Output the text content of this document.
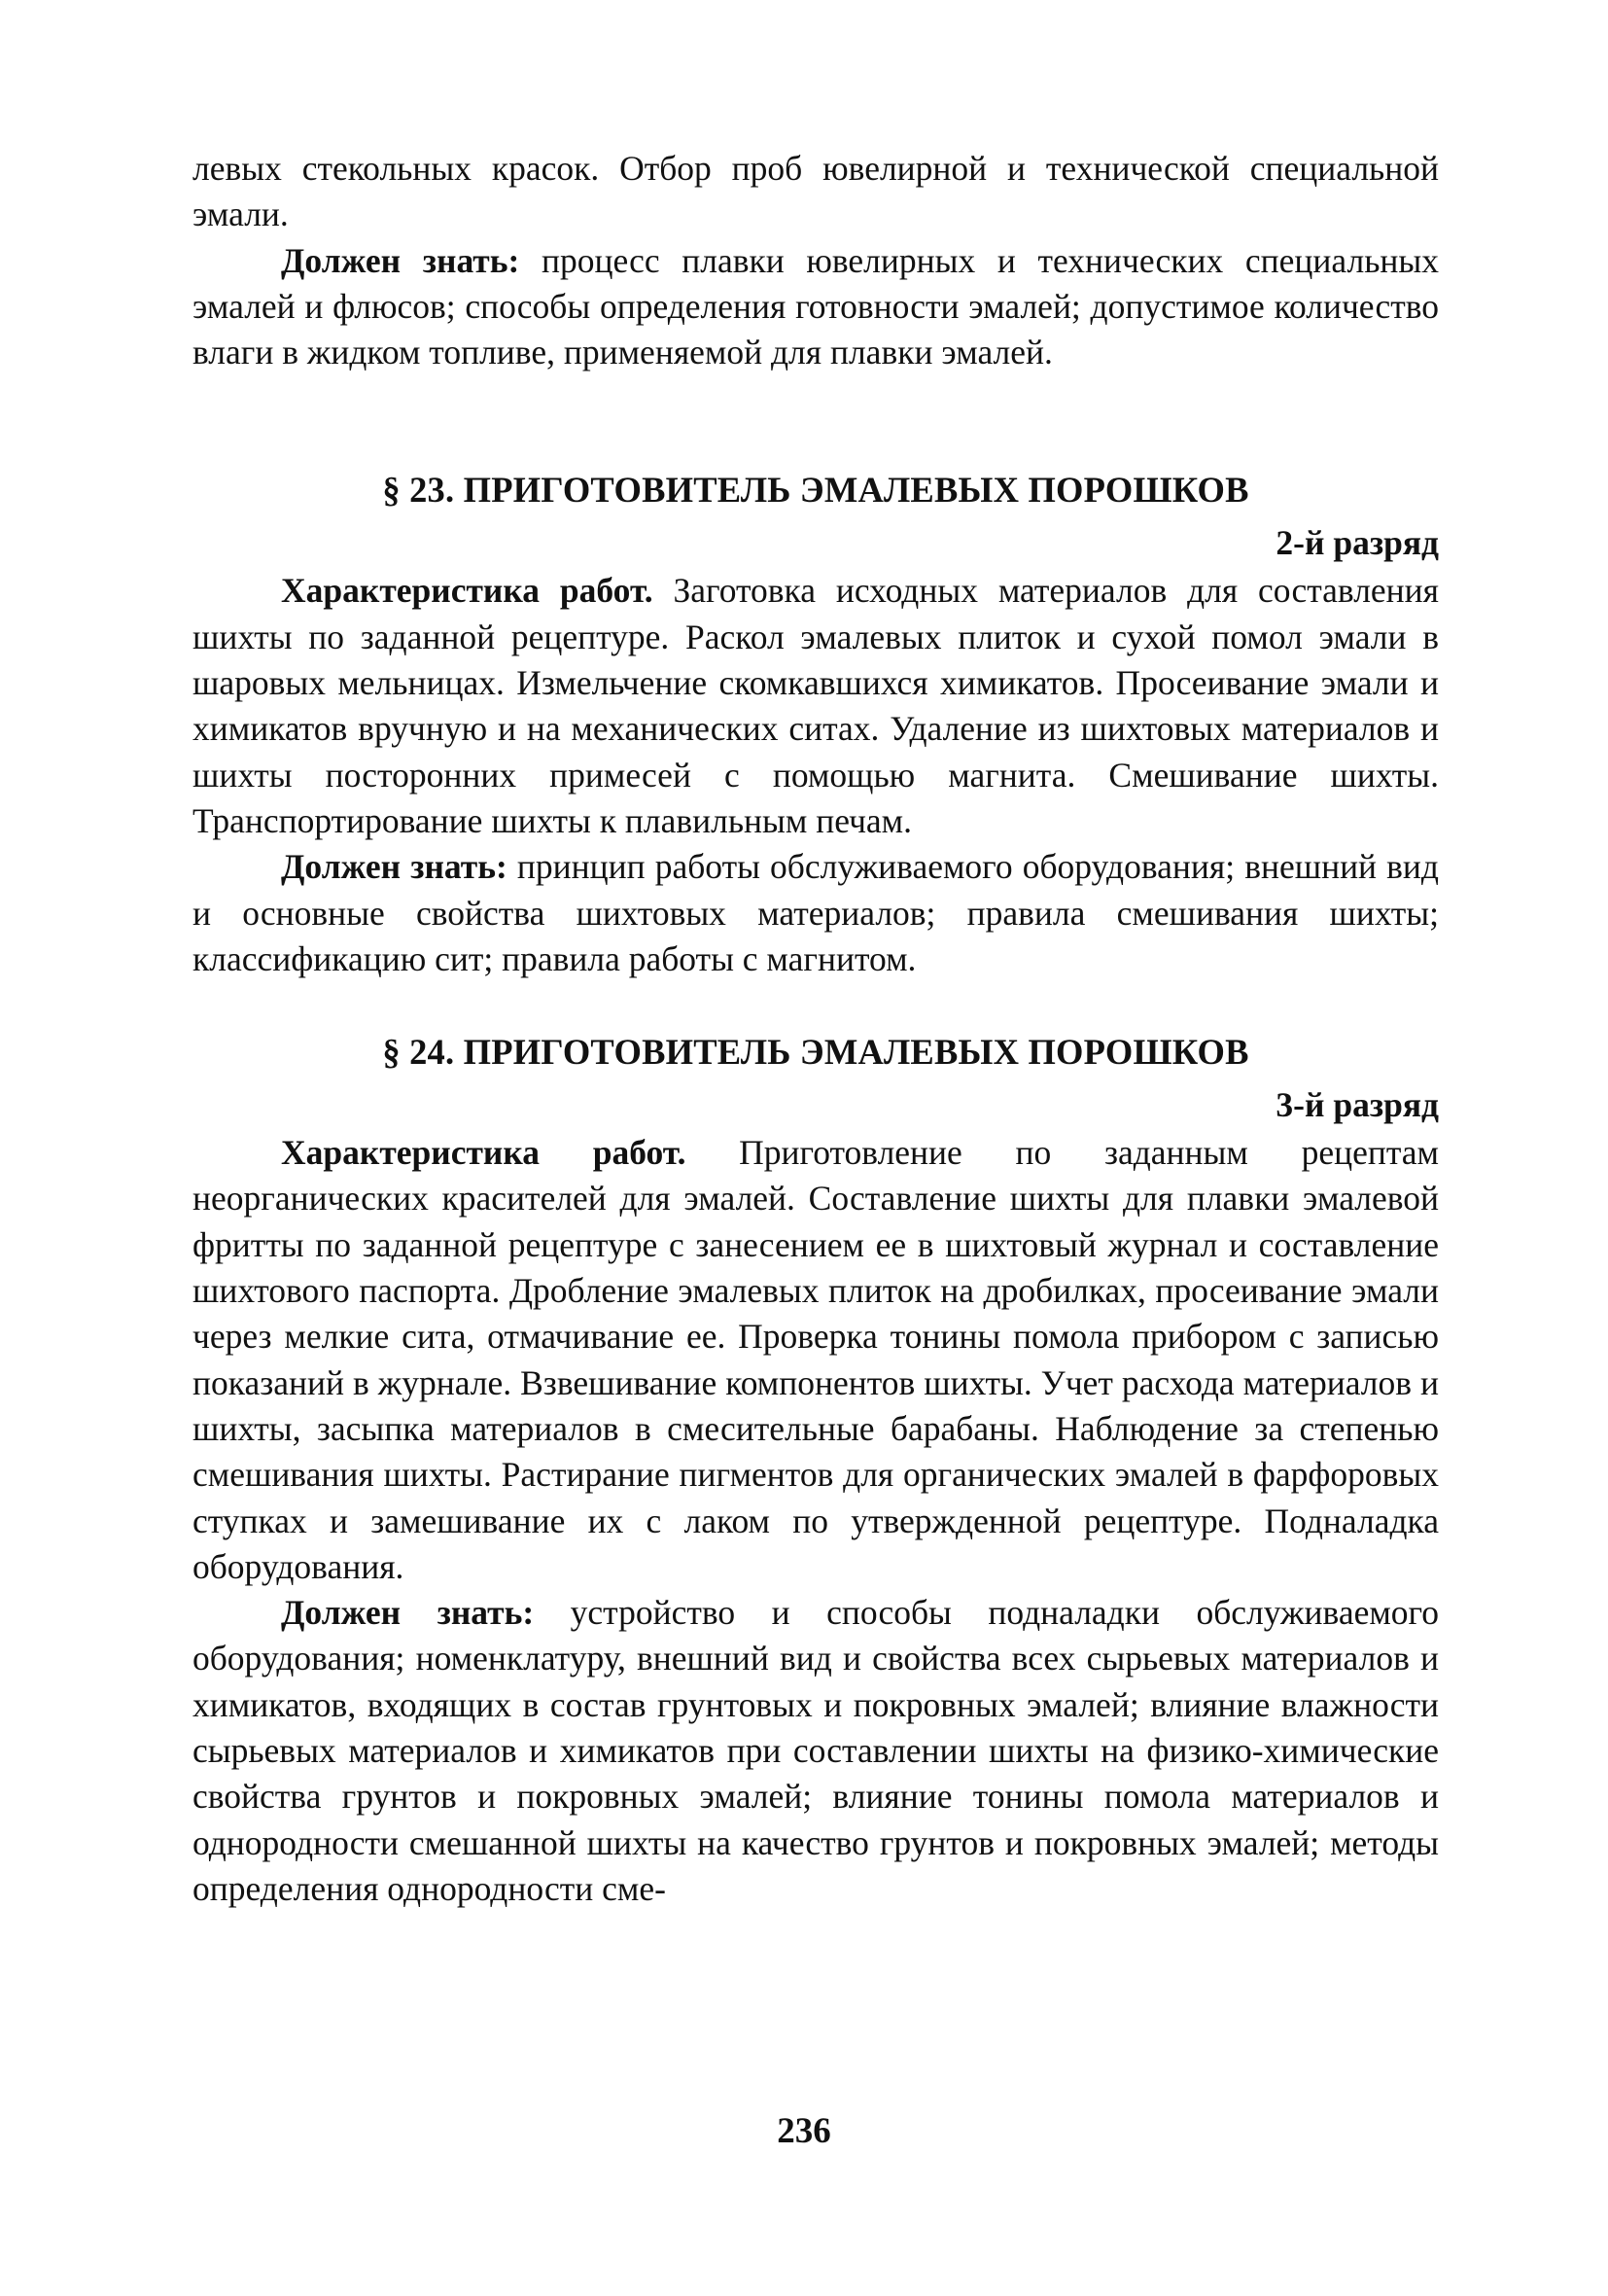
левых стекольных красок. Отбор проб ювелирной и технической специальной эмали.

Должен знать: процесс плавки ювелирных и технических специальных эмалей и флюсов; способы определения готовности эмалей; допустимое количество влаги в жидком топливе, применяемой для плавки эмалей.

§ 23. ПРИГОТОВИТЕЛЬ ЭМАЛЕВЫХ ПОРОШКОВ

2-й разряд

Характеристика работ. Заготовка исходных материалов для составления шихты по заданной рецептуре. Раскол эмалевых плиток и сухой помол эмали в шаровых мельницах. Измельчение скомкавшихся химикатов. Просеивание эмали и химикатов вручную и на механических ситах. Удаление из шихтовых материалов и шихты посторонних примесей с помощью магнита. Смешивание шихты. Транспортирование шихты к плавильным печам.

Должен знать: принцип работы обслуживаемого оборудования; внешний вид и основные свойства шихтовых материалов; правила смешивания шихты; классификацию сит; правила работы с магнитом.

§ 24. ПРИГОТОВИТЕЛЬ ЭМАЛЕВЫХ ПОРОШКОВ

3-й разряд

Характеристика работ. Приготовление по заданным рецептам неорганических красителей для эмалей. Составление шихты для плавки эмалевой фритты по заданной рецептуре с занесением ее в шихтовый журнал и составление шихтового паспорта. Дробление эмалевых плиток на дробилках, просеивание эмали через мелкие сита, отмачивание ее. Проверка тонины помола прибором с записью показаний в журнале. Взвешивание компонентов шихты. Учет расхода материалов и шихты, засыпка материалов в смесительные барабаны. Наблюдение за степенью смешивания шихты. Растирание пигментов для органических эмалей в фарфоровых ступках и замешивание их с лаком по утвержденной рецептуре. Подналадка оборудования.

Должен знать: устройство и способы подналадки обслуживаемого оборудования; номенклатуру, внешний вид и свойства всех сырьевых материалов и химикатов, входящих в состав грунтовых и покровных эмалей; влияние влажности сырьевых материалов и химикатов при составлении шихты на физико-химические свойства грунтов и покровных эмалей; влияние тонины помола материалов и однородности смешанной шихты на качество грунтов и покровных эмалей; методы определения однородности сме-

236
